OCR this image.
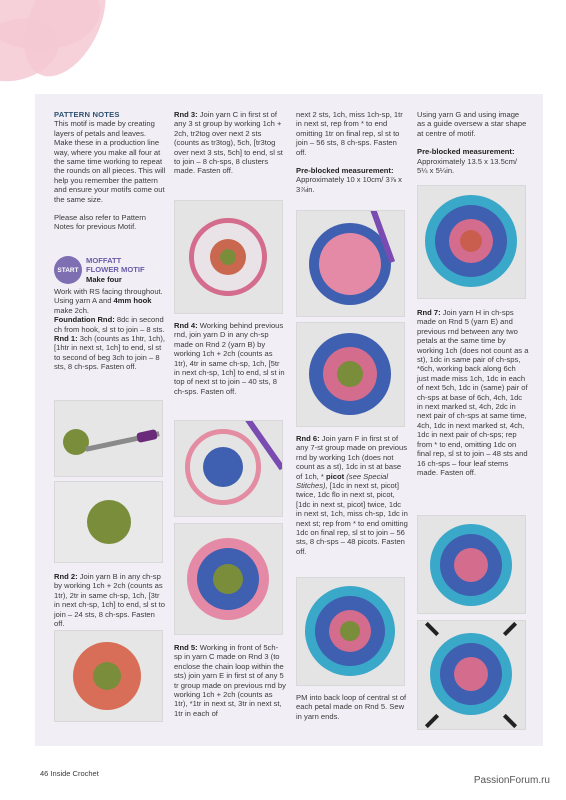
PATTERN NOTES
This motif is made by creating layers of petals and leaves. Make these in a production line way, where you make all four at the same time working to repeat the rounds on all pieces. This will help you remember the pattern and ensure your motifs come out the same size.

Please also refer to Pattern Notes for previous Motif.

START
MOFFATT
FLOWER MOTIF
Make four

Work with RS facing throughout.
Using yarn A and 4mm hook
make 2ch.

Foundation Rnd: 8dc in second ch from hook, sl st to join – 8 sts.

Rnd 1: 3ch (counts as 1htr, 1ch), [1htr in next st, 1ch] to end, sl st to second of beg 3ch to join – 8 sts, 8 ch-sps. Fasten off.

Rnd 2: Join yarn B in any ch-sp by working 1ch + 2ch (counts as 1tr), 2tr in same ch-sp, 1ch, [3tr in next ch-sp, 1ch] to end, sl st to join – 24 sts, 8 ch-sps. Fasten off.

Rnd 3: Join yarn C in first st of any 3 st group by working 1ch + 2ch, tr2tog over next 2 sts (counts as tr3tog), 5ch, [tr3tog over next 3 sts, 5ch] to end, sl st to join – 8 ch-sps, 8 clusters made. Fasten off.

Rnd 4: Working behind previous rnd, join yarn D in any ch-sp made on Rnd 2 (yarn B) by working 1ch + 2ch (counts as 1tr), 4tr in same ch-sp, 1ch, [5tr in next ch-sp, 1ch] to end, sl st in top of next st to join – 40 sts, 8 ch-sps. Fasten off.

Rnd 5: Working in front of 5ch-sp in yarn C made on Rnd 3 (to enclose the chain loop within the sts) join yarn E in first st of any 5 tr group made on previous rnd by working 1ch + 2ch (counts as 1tr), *1tr in next st, 3tr in next st, 1tr in each of

next 2 sts, 1ch, miss 1ch-sp, 1tr in next st, rep from * to end omitting 1tr on final rep, sl st to join – 56 sts, 8 ch-sps. Fasten off.

Pre-blocked measurement:
Approximately 10 x 10cm/ 3⅞ x 3⅞in.

Rnd 6: Join yarn F in first st of any 7-st group made on previous rnd by working 1ch (does not count as a st), 1dc in st at base of 1ch, * picot (see Special Stitches), [1dc in next st, picot] twice, 1dc flo in next st, picot, [1dc in next st, picot] twice, 1dc in next st, 1ch, miss ch-sp, 1dc in next st; rep from * to end omitting 1dc on final rep, sl st to join – 56 sts, 8 ch-sps – 48 picots. Fasten off.

PM into back loop of central st of each petal made on Rnd 5. Sew in yarn ends.

Using yarn G and using image as a guide oversew a star shape at centre of motif.

Pre-blocked measurement:
Approximately 13.5 x 13.5cm/ 5¼ x 5¼in.

Rnd 7: Join yarn H in ch-sps made on Rnd 5 (yarn E) and previous rnd between any two petals at the same time by working 1ch (does not count as a st), 1dc in same pair of ch-sps, *6ch, working back along 6ch just made miss 1ch, 1dc in each of next 5ch, 1dc in (same) pair of ch-sps at base of 6ch, 4ch, 1dc in next marked st, 4ch, 2dc in next pair of ch-sps at same time, 4ch, 1dc in next marked st, 4ch, 1dc in next pair of ch-sps; rep from * to end, omitting 1dc on final rep, sl st to join – 48 sts and 16 ch-sps – four leaf stems made. Fasten off.

46 Inside Crochet
PassionForum.ru
